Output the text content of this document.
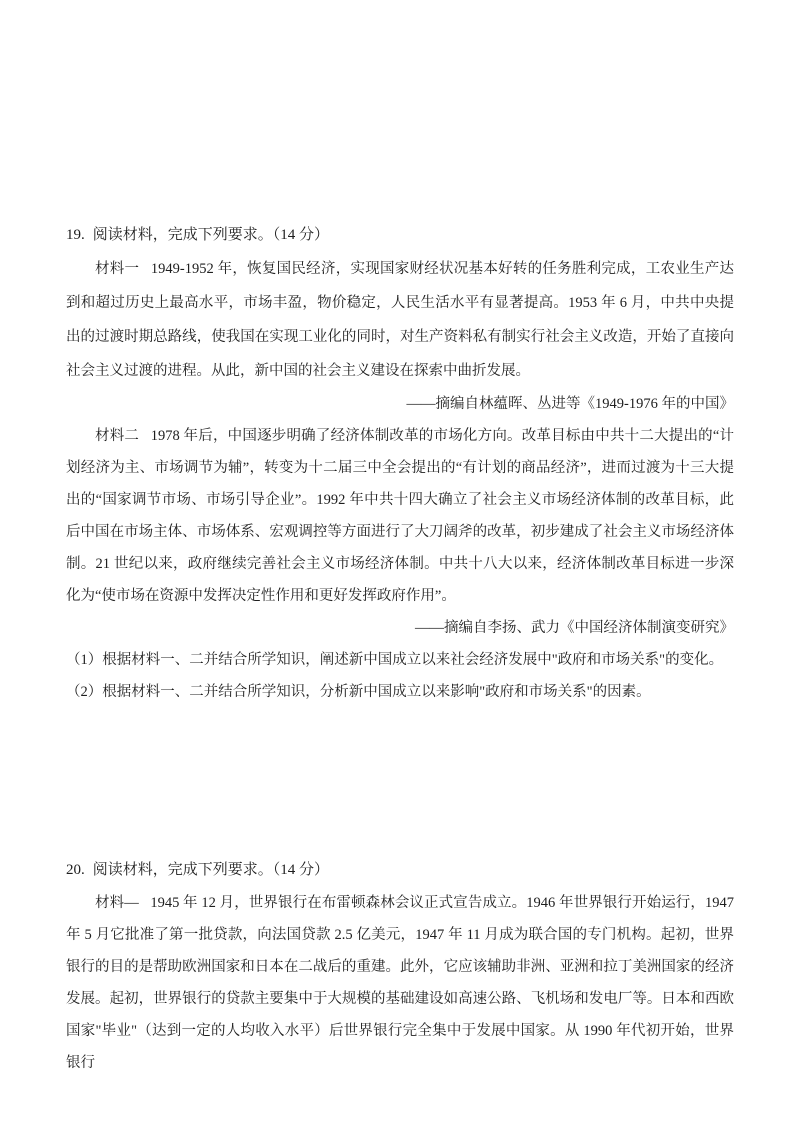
19. 阅读材料，完成下列要求。（14 分）

材料一 1949-1952 年，恢复国民经济，实现国家财经状况基本好转的任务胜利完成，工农业生产达到和超过历史上最高水平，市场丰盈，物价稳定，人民生活水平有显著提高。1953 年 6 月，中共中央提出的过渡时期总路线，使我国在实现工业化的同时，对生产资料私有制实行社会主义改造，开始了直接向社会主义过渡的进程。从此，新中国的社会主义建设在探索中曲折发展。

——摘编自林蕴晖、丛进等《1949-1976 年的中国》

材料二 1978 年后，中国逐步明确了经济体制改革的市场化方向。改革目标由中共十二大提出的“计划经济为主、市场调节为辅”，转变为十二届三中全会提出的“有计划的商品经济”，进而过渡为十三大提出的“国家调节市场、市场引导企业”。1992 年中共十四大确立了社会主义市场经济体制的改革目标，此后中国在市场主体、市场体系、宏观调控等方面进行了大刀阔斧的改革，初步建成了社会主义市场经济体制。21 世纪以来，政府继续完善社会主义市场经济体制。中共十八大以来，经济体制改革目标进一步深化为“使市场在资源中发挥决定性作用和更好发挥政府作用”。

——摘编自李扬、武力《中国经济体制演变研究》

（1）根据材料一、二并结合所学知识，阐述新中国成立以来社会经济发展中"政府和市场关系"的变化。

（2）根据材料一、二并结合所学知识，分析新中国成立以来影响"政府和市场关系"的因素。

20. 阅读材料，完成下列要求。（14 分）

材料— 1945 年 12 月，世界银行在布雷顿森林会议正式宣告成立。1946 年世界银行开始运行，1947 年 5 月它批准了第一批贷款，向法国贷款 2.5 亿美元，1947 年 11 月成为联合国的专门机构。起初，世界银行的目的是帮助欧洲国家和日本在二战后的重建。此外，它应该辅助非洲、亚洲和拉丁美洲国家的经济发展。起初，世界银行的贷款主要集中于大规模的基础建设如高速公路、飞机场和发电厂等。日本和西欧国家"毕业"（达到一定的人均收入水平）后世界银行完全集中于发展中国家。从 1990 年代初开始，世界银行
